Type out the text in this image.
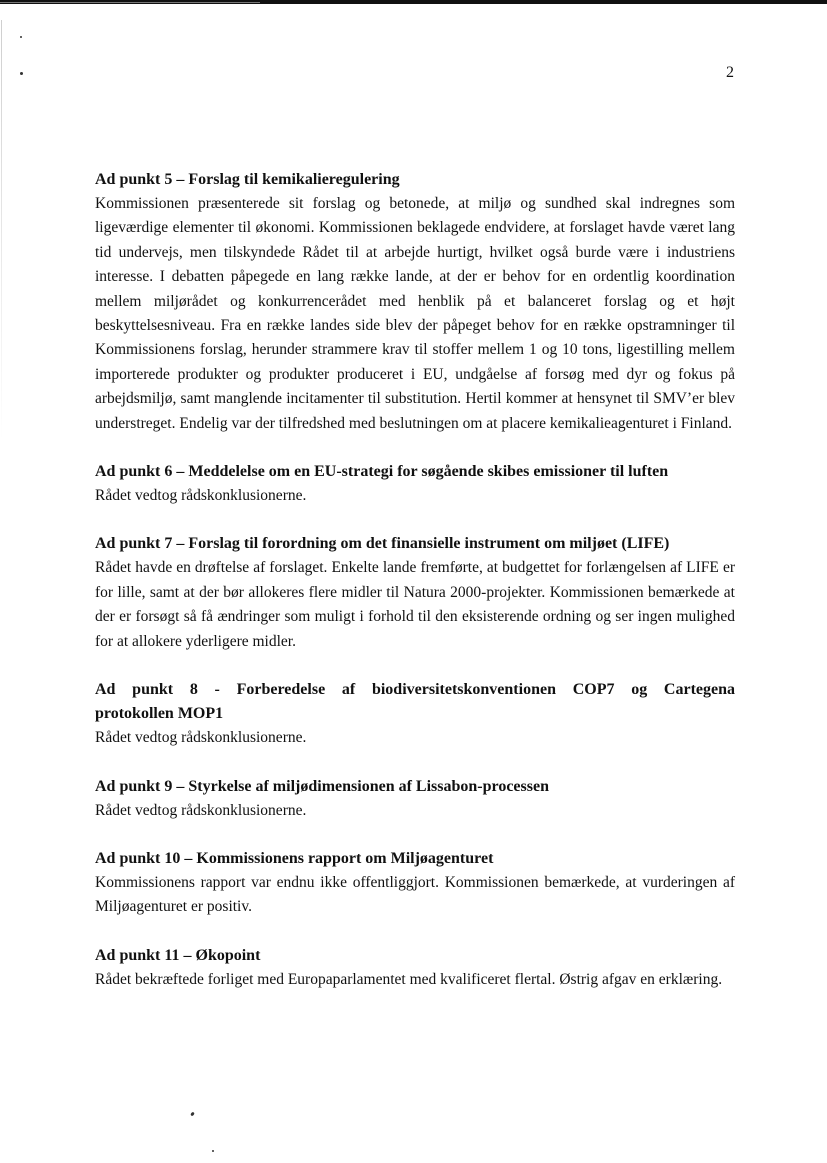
2

Ad punkt 5 – Forslag til kemikalieregulering

Kommissionen præsenterede sit forslag og betonede, at miljø og sundhed skal indregnes som ligeværdige elementer til økonomi. Kommissionen beklagede endvidere, at forslaget havde været lang tid undervejs, men tilskyndede Rådet til at arbejde hurtigt, hvilket også burde være i industriens interesse. I debatten påpegede en lang række lande, at der er behov for en ordentlig koordination mellem miljørådet og konkurrencerådet med henblik på et balanceret forslag og et højt beskyttelsesniveau. Fra en række landes side blev der påpeget behov for en række opstramninger til Kommissionens forslag, herunder strammere krav til stoffer mellem 1 og 10 tons, ligestilling mellem importerede produkter og produkter produceret i EU, undgåelse af forsøg med dyr og fokus på arbejdsmiljø, samt manglende incitamenter til substitution. Hertil kommer at hensynet til SMV’er blev understreget. Endelig var der tilfredshed med beslutningen om at placere kemikalieagenturet i Finland.

Ad punkt 6 – Meddelelse om en EU-strategi for søgående skibes emissioner til luften

Rådet vedtog rådskonklusionerne.

Ad punkt 7 – Forslag til forordning om det finansielle instrument om miljøet (LIFE)

Rådet havde en drøftelse af forslaget. Enkelte lande fremførte, at budgettet for forlængelsen af LIFE er for lille, samt at der bør allokeres flere midler til Natura 2000-projekter. Kommissionen bemærkede at der er forsøgt så få ændringer som muligt i forhold til den eksisterende ordning og ser ingen mulighed for at allokere yderligere midler.

Ad punkt 8 - Forberedelse af biodiversitetskonventionen COP7 og Cartegena

protokollen MOP1

Rådet vedtog rådskonklusionerne.

Ad punkt 9 – Styrkelse af miljødimensionen af Lissabon-processen

Rådet vedtog rådskonklusionerne.

Ad punkt 10 – Kommissionens rapport om Miljøagenturet

Kommissionens rapport var endnu ikke offentliggjort. Kommissionen bemærkede, at vurderingen af Miljøagenturet er positiv.

Ad punkt 11 – Økopoint

Rådet bekræftede forliget med Europaparlamentet med kvalificeret flertal. Østrig afgav en erklæring.
